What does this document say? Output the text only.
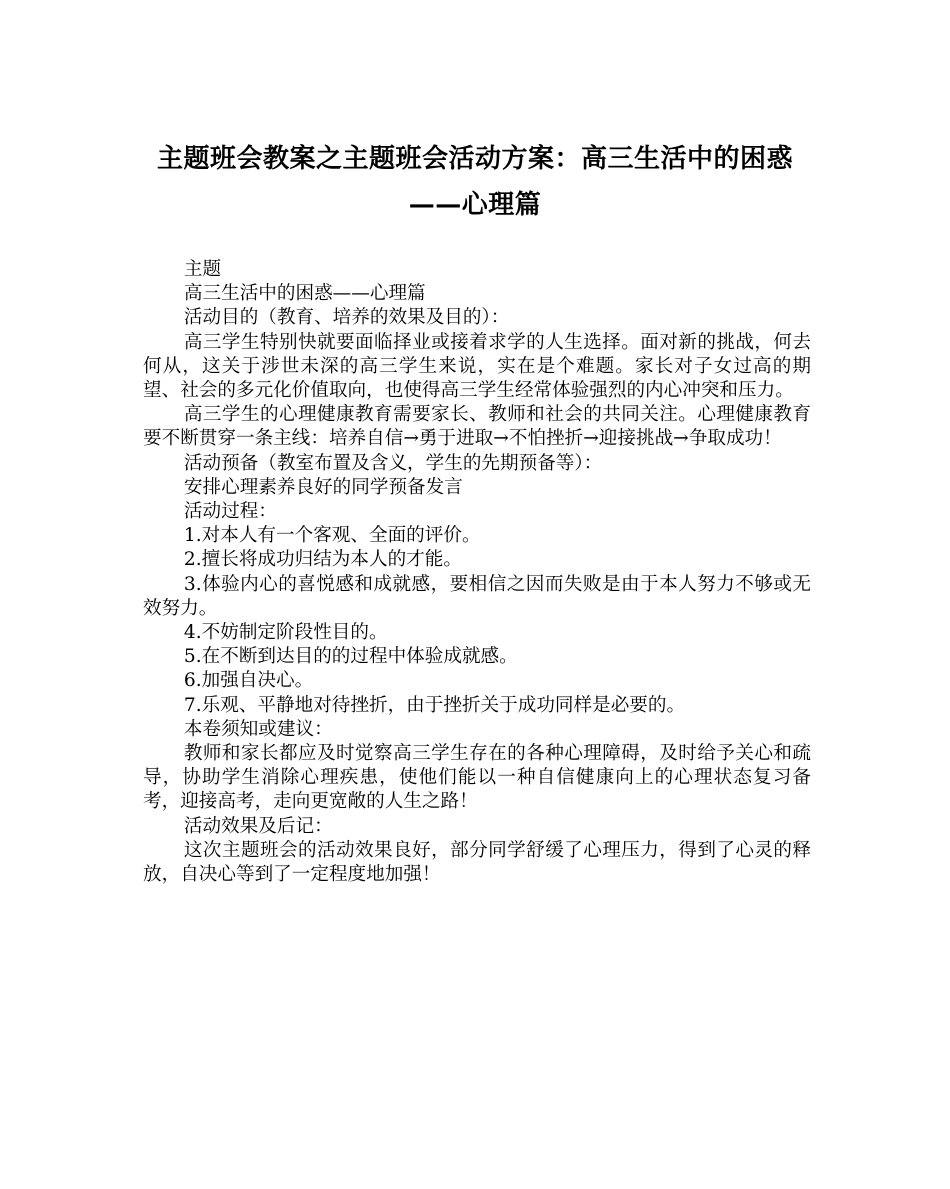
主题班会教案之主题班会活动方案：高三生活中的困惑
——心理篇

主题

高三生活中的困惑——心理篇

活动目的（教育、培养的效果及目的）：

高三学生特别快就要面临择业或接着求学的人生选择。面对新的挑战，何去何从，这关于涉世未深的高三学生来说，实在是个难题。家长对子女过高的期望、社会的多元化价值取向，也使得高三学生经常体验强烈的内心冲突和压力。

高三学生的心理健康教育需要家长、教师和社会的共同关注。心理健康教育要不断贯穿一条主线：培养自信→勇于进取→不怕挫折→迎接挑战→争取成功！

活动预备（教室布置及含义，学生的先期预备等）：

安排心理素养良好的同学预备发言

活动过程：

1.对本人有一个客观、全面的评价。

2.擅长将成功归结为本人的才能。

3.体验内心的喜悦感和成就感，要相信之因而失败是由于本人努力不够或无效努力。

4.不妨制定阶段性目的。

5.在不断到达目的的过程中体验成就感。

6.加强自决心。

7.乐观、平静地对待挫折，由于挫折关于成功同样是必要的。

本卷须知或建议：

教师和家长都应及时觉察高三学生存在的各种心理障碍，及时给予关心和疏导，协助学生消除心理疾患，使他们能以一种自信健康向上的心理状态复习备考，迎接高考，走向更宽敞的人生之路！

活动效果及后记：

这次主题班会的活动效果良好，部分同学舒缓了心理压力，得到了心灵的释放，自决心等到了一定程度地加强！
